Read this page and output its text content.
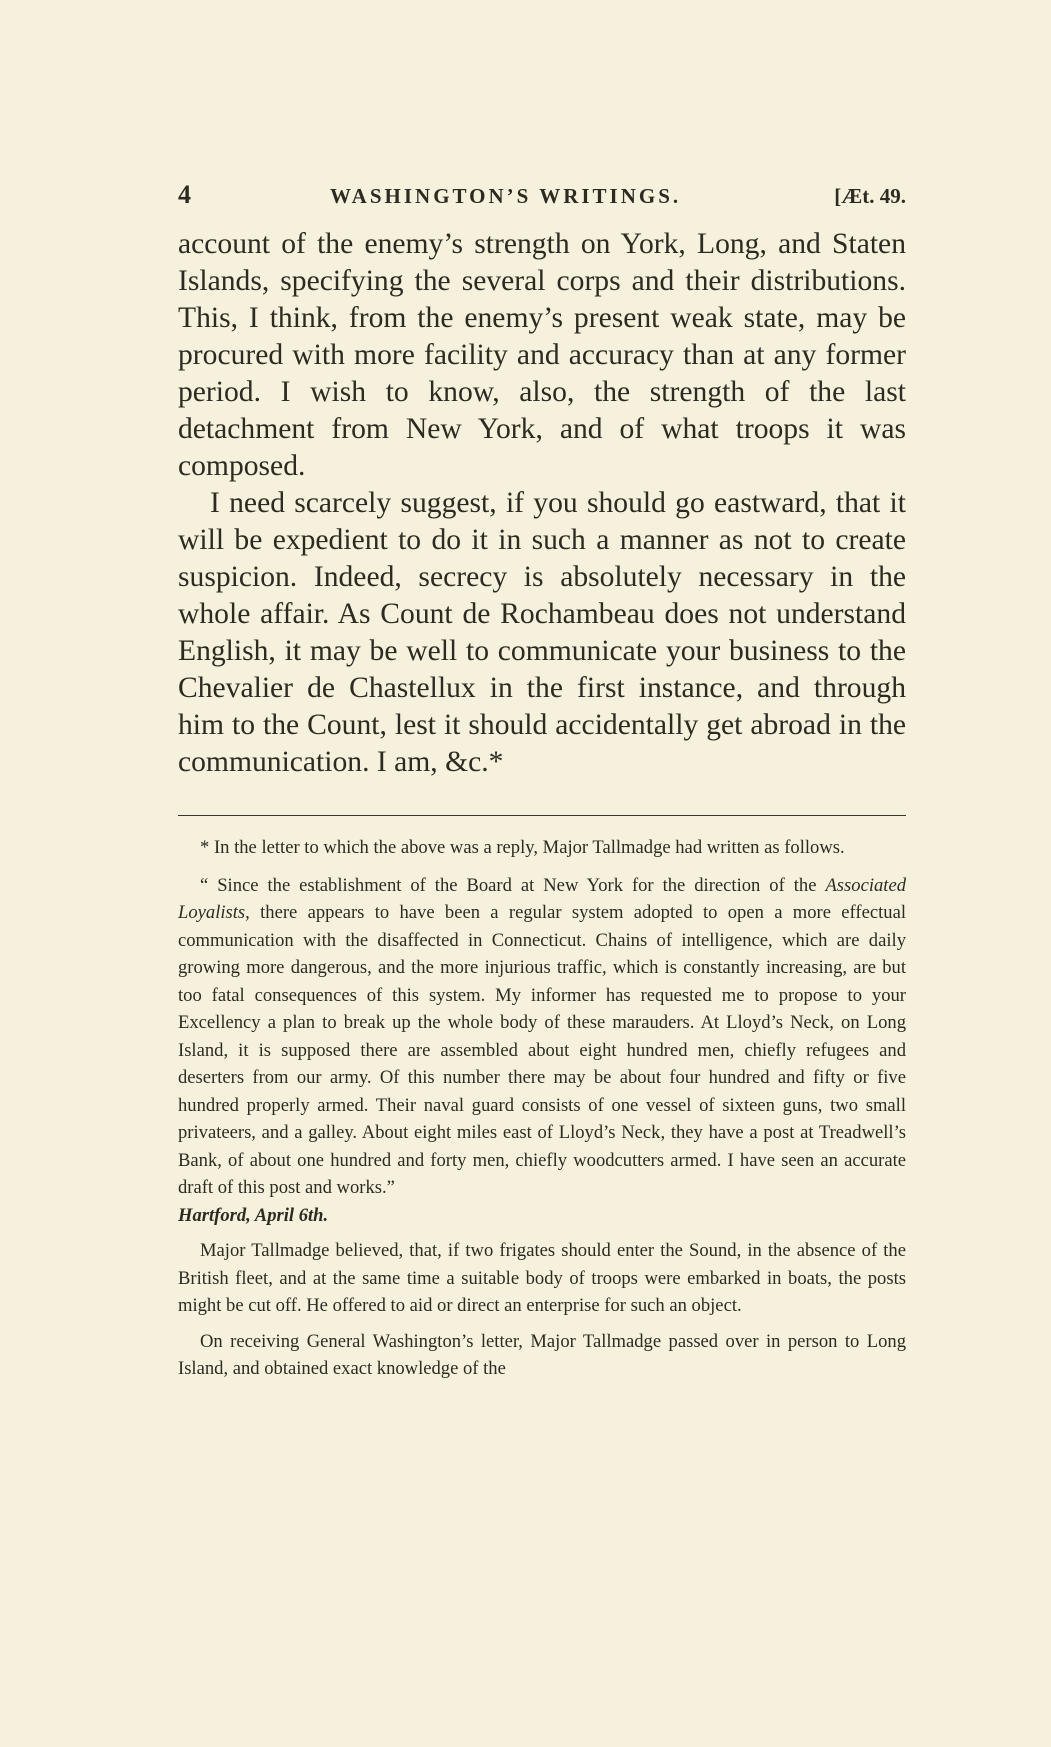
4	WASHINGTON’S WRITINGS.	[Æt. 49.

account of the enemy’s strength on York, Long, and Staten Islands, specifying the several corps and their distributions. This, I think, from the enemy’s present weak state, may be procured with more facility and accuracy than at any former period. I wish to know, also, the strength of the last detachment from New York, and of what troops it was composed.

I need scarcely suggest, if you should go eastward, that it will be expedient to do it in such a manner as not to create suspicion. Indeed, secrecy is absolutely necessary in the whole affair. As Count de Rochambeau does not understand English, it may be well to communicate your business to the Chevalier de Chastellux in the first instance, and through him to the Count, lest it should accidentally get abroad in the communication. I am, &c.*

* In the letter to which the above was a reply, Major Tallmadge had written as follows.

“ Since the establishment of the Board at New York for the direction of the Associated Loyalists, there appears to have been a regular system adopted to open a more effectual communication with the disaffected in Connecticut. Chains of intelligence, which are daily growing more dangerous, and the more injurious traffic, which is constantly increasing, are but too fatal consequences of this system. My informer has requested me to propose to your Excellency a plan to break up the whole body of these marauders. At Lloyd’s Neck, on Long Island, it is supposed there are assembled about eight hundred men, chiefly refugees and deserters from our army. Of this number there may be about four hundred and fifty or five hundred properly armed. Their naval guard consists of one vessel of sixteen guns, two small privateers, and a galley. About eight miles east of Lloyd’s Neck, they have a post at Treadwell’s Bank, of about one hundred and forty men, chiefly woodcutters armed. I have seen an accurate draft of this post and works.”
Hartford, April 6th.

Major Tallmadge believed, that, if two frigates should enter the Sound, in the absence of the British fleet, and at the same time a suitable body of troops were embarked in boats, the posts might be cut off. He offered to aid or direct an enterprise for such an object.

On receiving General Washington’s letter, Major Tallmadge passed over in person to Long Island, and obtained exact knowledge of the
